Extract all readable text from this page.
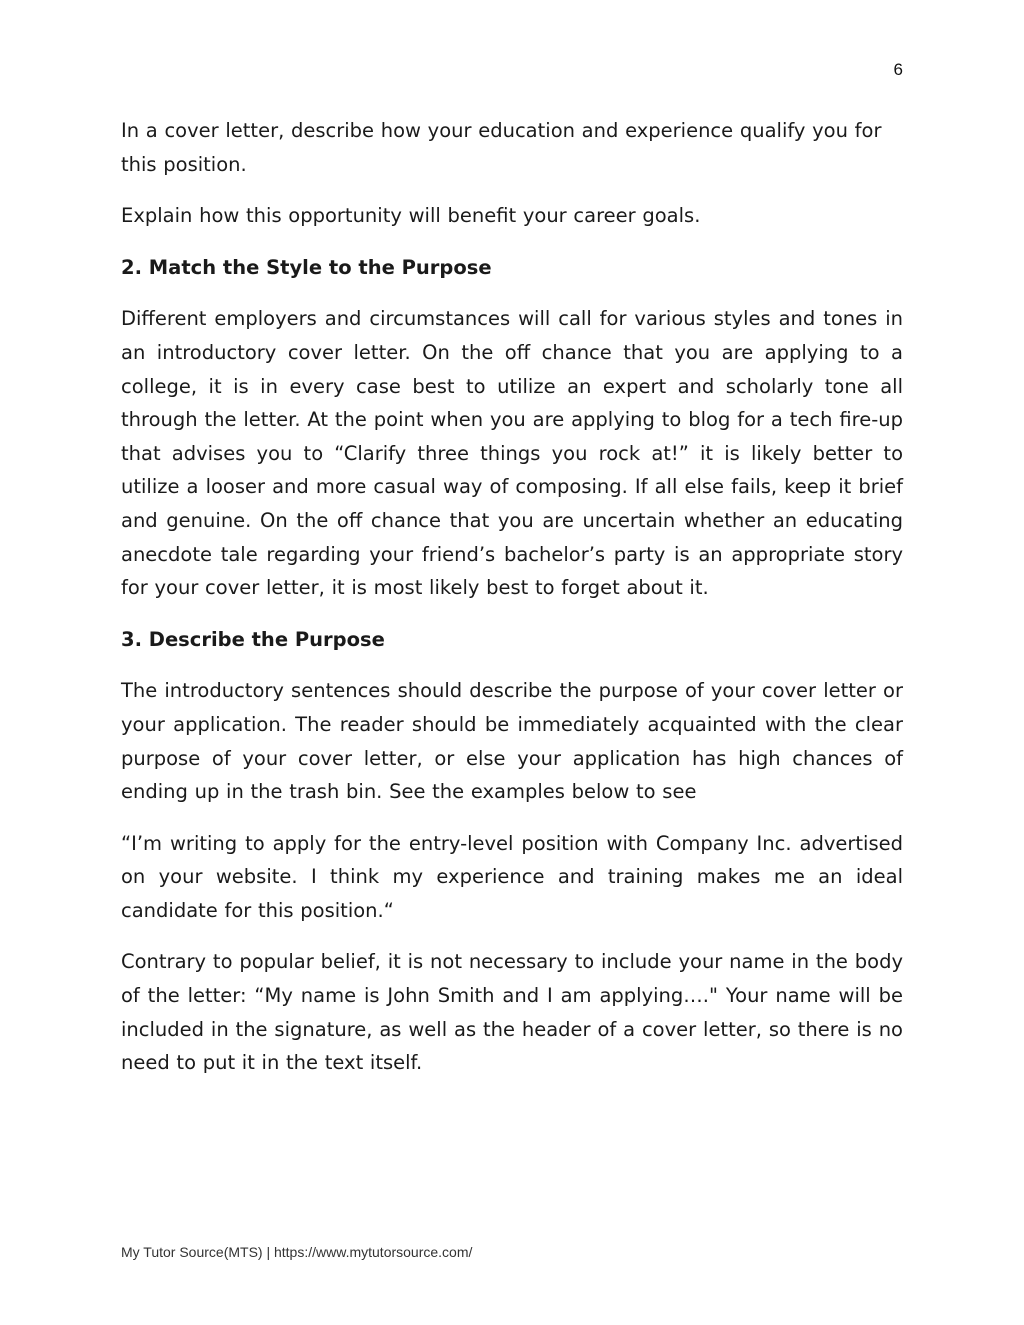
6

In a cover letter, describe how your education and experience qualify you for this position.

Explain how this opportunity will benefit your career goals.

2. Match the Style to the Purpose

Different employers and circumstances will call for various styles and tones in an introductory cover letter. On the off chance that you are applying to a college, it is in every case best to utilize an expert and scholarly tone all through the letter. At the point when you are applying to blog for a tech fire-up that advises you to “Clarify three things you rock at!” it is likely better to utilize a looser and more casual way of composing. If all else fails, keep it brief and genuine. On the off chance that you are uncertain whether an educating anecdote tale regarding your friend’s bachelor’s party is an appropriate story for your cover letter, it is most likely best to forget about it.

3. Describe the Purpose

The introductory sentences should describe the purpose of your cover letter or your application. The reader should be immediately acquainted with the clear purpose of your cover letter, or else your application has high chances of ending up in the trash bin. See the examples below to see

“I’m writing to apply for the entry-level position with Company Inc. advertised on your website. I think my experience and training makes me an ideal candidate for this position.“

Contrary to popular belief, it is not necessary to include your name in the body of the letter: “My name is John Smith and I am applying…." Your name will be included in the signature, as well as the header of a cover letter, so there is no need to put it in the text itself.

My Tutor Source(MTS) | https://www.mytutorsource.com/
